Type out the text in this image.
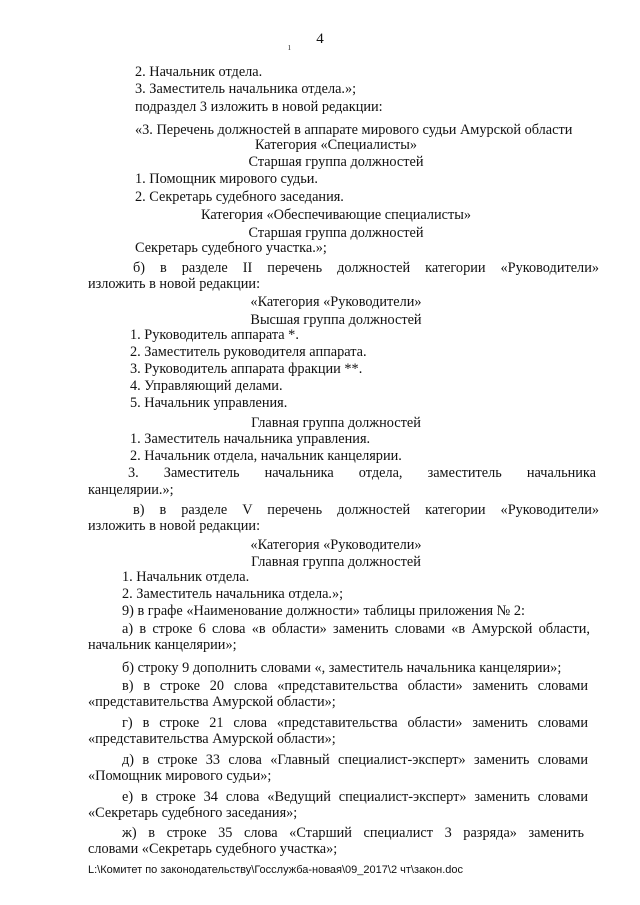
4
ı
2. Начальник отдела.
3. Заместитель начальника отдела.»;
подраздел 3 изложить в новой редакции:
«3. Перечень должностей в аппарате мирового судьи Амурской области
Категория «Специалисты»
Старшая группа должностей
1. Помощник мирового судьи.
2. Секретарь судебного заседания.
Категория «Обеспечивающие специалисты»
Старшая группа должностей
Секретарь судебного участка.»;
б) в разделе II перечень должностей категории «Руководители»
изложить в новой редакции:
«Категория «Руководители»
Высшая группа должностей
1. Руководитель аппарата *.
2. Заместитель руководителя аппарата.
3. Руководитель аппарата фракции **.
4. Управляющий делами.
5. Начальник управления.
Главная группа должностей
1. Заместитель начальника управления.
2. Начальник отдела, начальник канцелярии.
3. Заместитель начальника отдела, заместитель начальника
канцелярии.»;
в) в разделе V перечень должностей категории «Руководители»
изложить в новой редакции:
«Категория «Руководители»
Главная группа должностей
1. Начальник отдела.
2. Заместитель начальника отдела.»;
9) в графе «Наименование должности» таблицы приложения № 2:
а) в строке 6 слова «в области» заменить словами «в Амурской области,
начальник канцелярии»;
б) строку 9 дополнить словами «, заместитель начальника канцелярии»;
в) в строке 20 слова «представительства области» заменить словами
«представительства Амурской области»;
г) в строке 21 слова «представительства области» заменить словами
«представительства Амурской области»;
д) в строке 33 слова «Главный специалист-эксперт» заменить словами
«Помощник мирового судьи»;
е) в строке 34 слова «Ведущий специалист-эксперт» заменить словами
«Секретарь судебного заседания»;
ж) в строке 35 слова «Старший специалист 3 разряда» заменить
словами «Секретарь судебного участка»;
L:\Комитет по законодательству\Госслужба-новая\09_2017\2 чт\закон.doc
